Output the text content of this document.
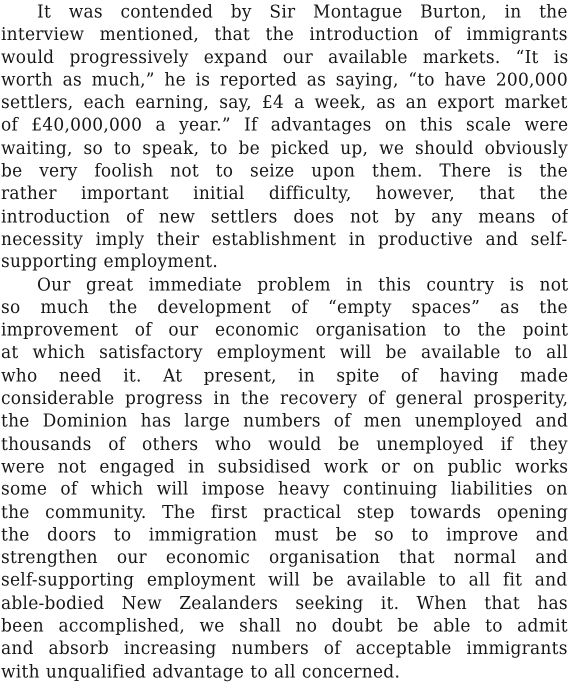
It was contended by Sir Montague Burton, in the
interview mentioned, that the introduction of immigrants
would progressively expand our available markets. “It is
worth as much,” he is reported as saying, “to have 200,000
settlers, each earning, say, £4 a week, as an export market
of £40,000,000 a year.” If advantages on this scale were
waiting, so to speak, to be picked up, we should obviously
be very foolish not to seize upon them. There is the
rather important initial difficulty, however, that the
introduction of new settlers does not by any means of
necessity imply their establishment in productive and self-
supporting employment.
Our great immediate problem in this country is not
so much the development of “empty spaces” as the
improvement of our economic organisation to the point
at which satisfactory employment will be available to all
who need it. At present, in spite of having made
considerable progress in the recovery of general prosperity,
the Dominion has large numbers of men unemployed and
thousands of others who would be unemployed if they
were not engaged in subsidised work or on public works
some of which will impose heavy continuing liabilities on
the community. The first practical step towards opening
the doors to immigration must be so to improve and
strengthen our economic organisation that normal and
self-supporting employment will be available to all fit and
able-bodied New Zealanders seeking it. When that has
been accomplished, we shall no doubt be able to admit
and absorb increasing numbers of acceptable immigrants
with unqualified advantage to all concerned.
